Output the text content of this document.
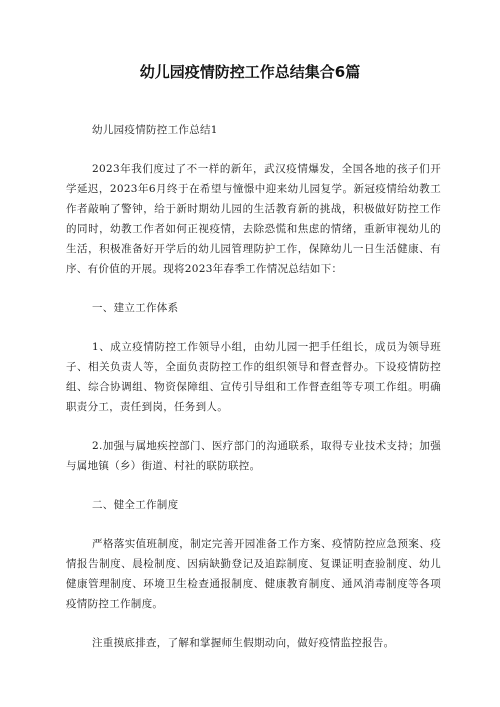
幼儿园疫情防控工作总结集合6篇

幼儿园疫情防控工作总结1

2023年我们度过了不一样的新年，武汉疫情爆发，全国各地的孩子们开学延迟，2023年6月终于在希望与憧憬中迎来幼儿园复学。新冠疫情给幼教工作者敲响了警钟，给于新时期幼儿园的生活教育新的挑战，积极做好防控工作的同时，幼教工作者如何正视疫情，去除恐慌和焦虑的情绪，重新审视幼儿的生活，积极准备好开学后的幼儿园管理防护工作，保障幼儿一日生活健康、有序、有价值的开展。现将2023年春季工作情况总结如下：

一、建立工作体系

1、成立疫情防控工作领导小组，由幼儿园一把手任组长，成员为领导班子、相关负责人等，全面负责防控工作的组织领导和督查督办。下设疫情防控组、综合协调组、物资保障组、宣传引导组和工作督查组等专项工作组。明确职责分工，责任到岗，任务到人。

2.加强与属地疾控部门、医疗部门的沟通联系，取得专业技术支持；加强与属地镇（乡）街道、村社的联防联控。

二、健全工作制度

严格落实值班制度，制定完善开园准备工作方案、疫情防控应急预案、疫情报告制度、晨检制度、因病缺勤登记及追踪制度、复课证明查验制度、幼儿健康管理制度、环境卫生检查通报制度、健康教育制度、通风消毒制度等各项疫情防控工作制度。

注重摸底排查，了解和掌握师生假期动向，做好疫情监控报告。
